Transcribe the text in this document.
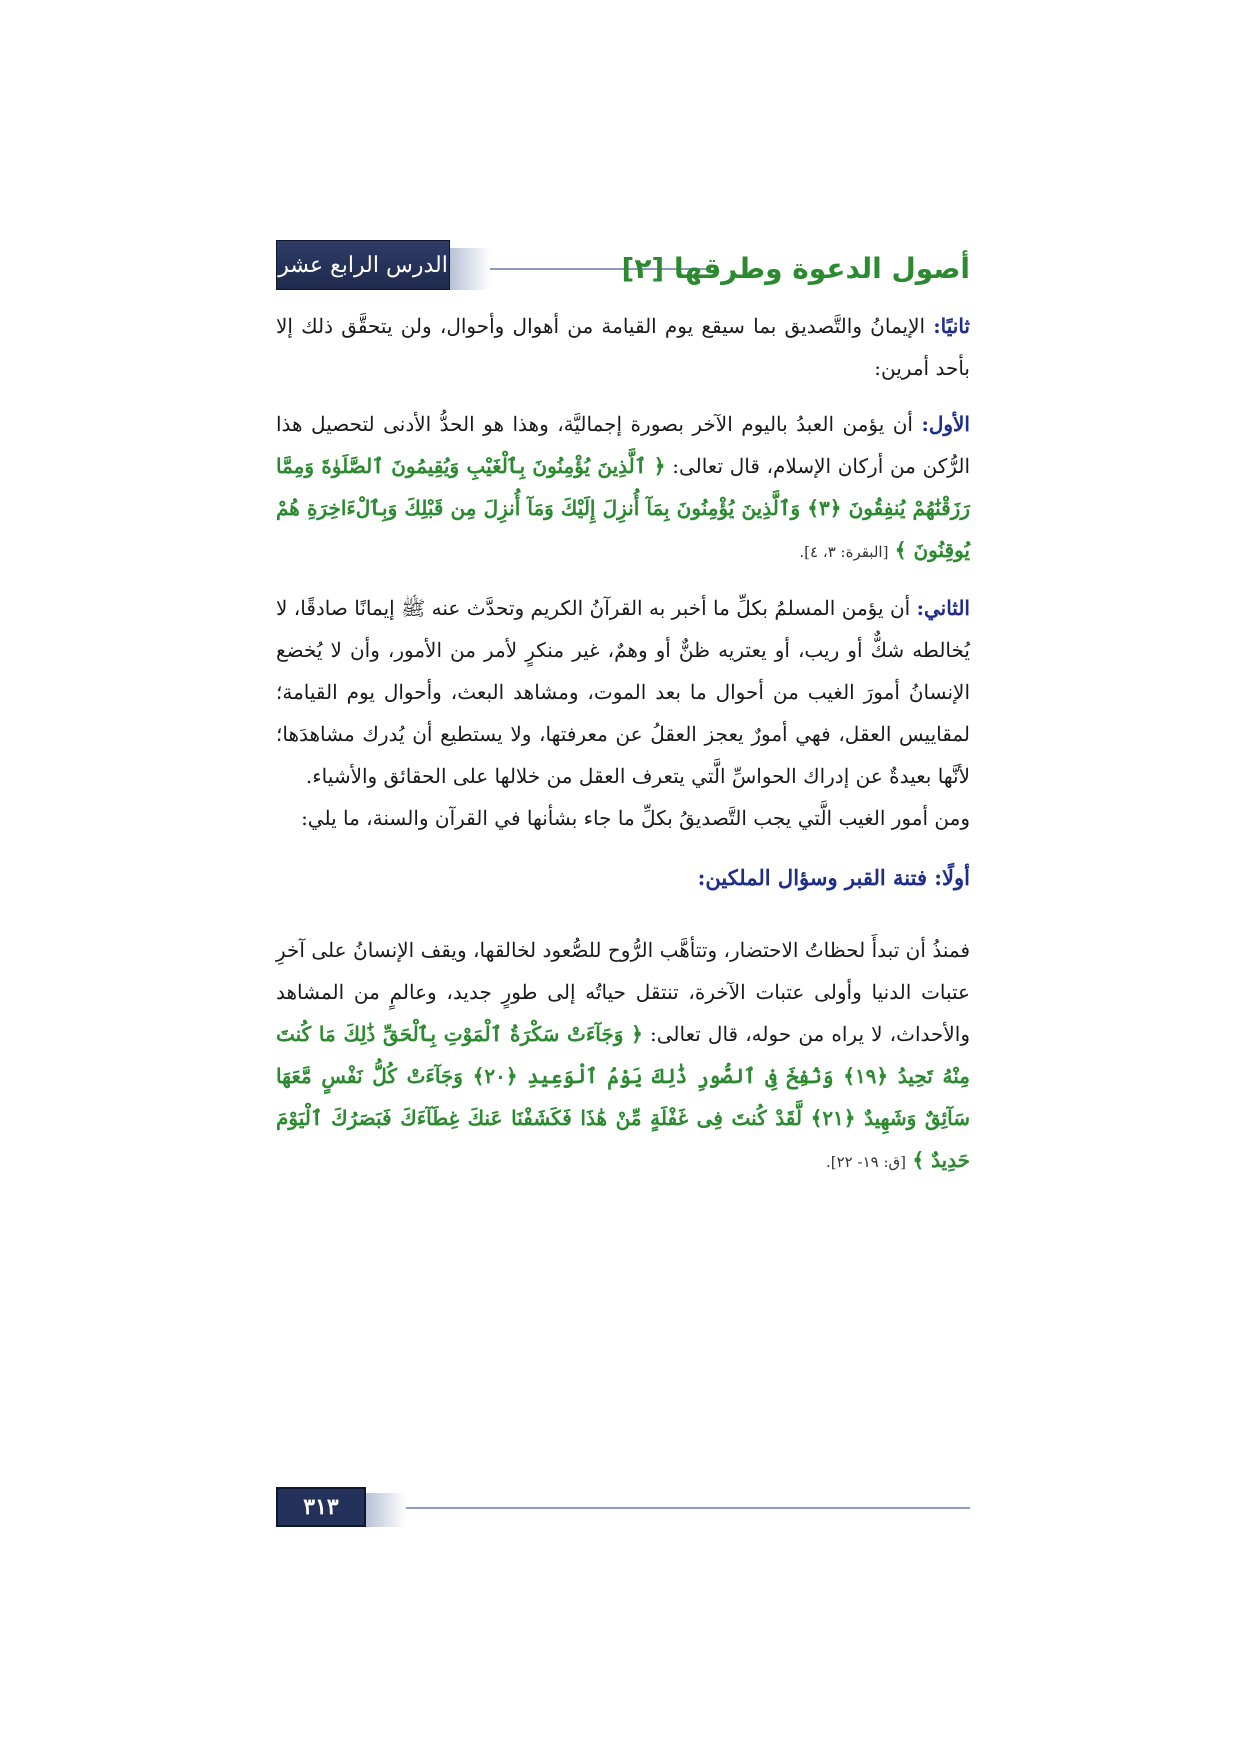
الدرس الرابع عشر	أصول الدعوة وطرقها [٢]

ثانيًا: الإيمانُ والتَّصديق بما سيقع يوم القيامة من أهوال وأحوال، ولن يتحقَّق ذلك إلا بأحد أمرين:

الأول: أن يؤمن العبدُ باليوم الآخر بصورة إجماليَّة، وهذا هو الحدُّ الأدنى لتحصيل هذا الرُّكن من أركان الإسلام، قال تعالى: ﴿ ٱلَّذِينَ يُؤْمِنُونَ بِٱلْغَيْبِ وَيُقِيمُونَ ٱلصَّلَوٰةَ وَمِمَّا رَزَقْنَٰهُمْ يُنفِقُونَ ﴿٣﴾ وَٱلَّذِينَ يُؤْمِنُونَ بِمَآ أُنزِلَ إِلَيْكَ وَمَآ أُنزِلَ مِن قَبْلِكَ وَبِٱلْءَاخِرَةِ هُمْ يُوقِنُونَ ﴾ [البقرة: ٣، ٤].

الثاني: أن يؤمن المسلمُ بكلِّ ما أخبر به القرآنُ الكريم وتحدَّث عنه ﷺ إيمانًا صادقًا، لا يُخالطه شكٌّ أو ريب، أو يعتريه ظنٌّ أو وهمٌ، غير منكرٍ لأمر من الأمور، وأن لا يُخضع الإنسانُ أمورَ الغيب من أحوال ما بعد الموت، ومشاهد البعث، وأحوال يوم القيامة؛ لمقاييس العقل، فهي أمورٌ يعجز العقلُ عن معرفتها، ولا يستطيع أن يُدرك مشاهدَها؛ لأنَّها بعيدةٌ عن إدراك الحواسِّ الَّتي يتعرف العقل من خلالها على الحقائق والأشياء.

ومن أمور الغيب الَّتي يجب التَّصديقُ بكلِّ ما جاء بشأنها في القرآن والسنة، ما يلي:

أولًا: فتنة القبر وسؤال الملكين:

فمنذُ أن تبدأَ لحظاتُ الاحتضار، وتتأهَّب الرُّوح للصُّعود لخالقها، ويقف الإنسانُ على آخرِ عتبات الدنيا وأولى عتبات الآخرة، تنتقل حياتُه إلى طورٍ جديد، وعالمٍ من المشاهد والأحداث، لا يراه من حوله، قال تعالى: ﴿ وَجَآءَتْ سَكْرَةُ ٱلْمَوْتِ بِٱلْحَقِّ ذَٰلِكَ مَا كُنتَ مِنْهُ تَحِيدُ ﴿١٩﴾ وَنُفِخَ فِى ٱلصُّورِ ذَٰلِكَ يَوْمُ ٱلْوَعِيدِ ﴿٢٠﴾ وَجَآءَتْ كُلُّ نَفْسٍ مَّعَهَا سَآئِقٌ وَشَهِيدٌ ﴿٢١﴾ لَّقَدْ كُنتَ فِى غَفْلَةٍ مِّنْ هَٰذَا فَكَشَفْنَا عَنكَ غِطَآءَكَ فَبَصَرُكَ ٱلْيَوْمَ حَدِيدٌ ﴾ [ق: ١٩- ٢٢].

٣١٣
